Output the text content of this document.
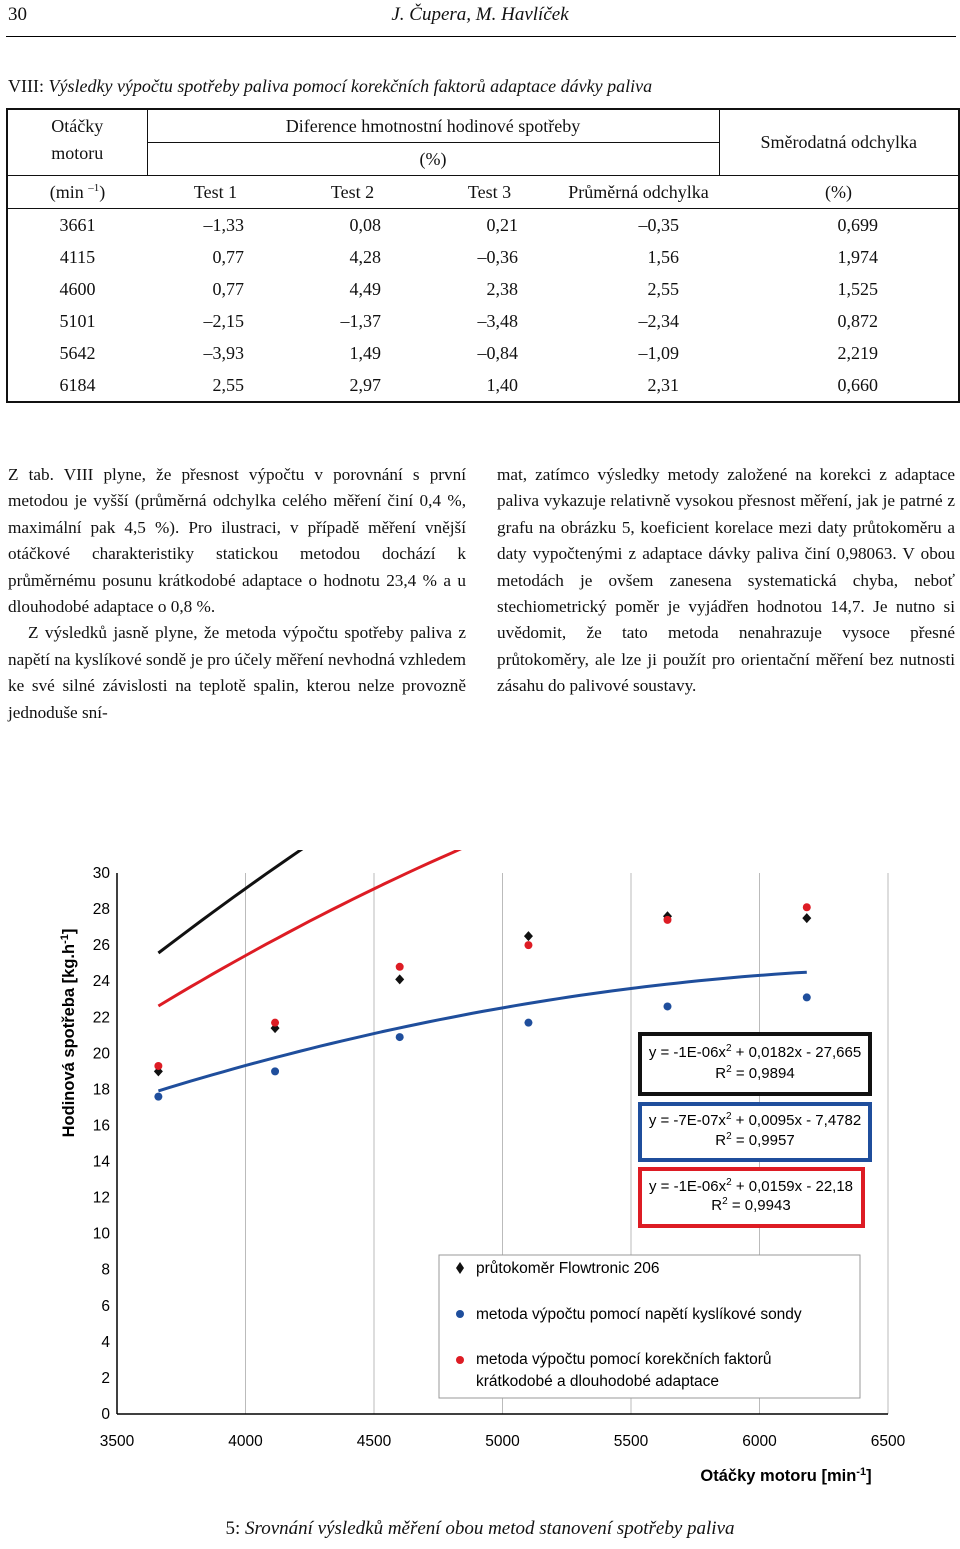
30	J. Čupera, M. Havlíček
VIII: Výsledky výpočtu spotřeby paliva pomocí korekčních faktorů adaptace dávky paliva
Otáčky	Diference hmotnostní hodinové spotřeby				Směrodatná odchylka
motoru	(%)				
(min $^{-1}$)	Test 1	Test 2	Test 3	Průměrná odchylka	(%)
3661	–1,33	0,08	0,21	–0,35	0,699
4115	0,77	4,28	–0,36	1,56	1,974
4600	0,77	4,49	2,38	2,55	1,525
5101	–2,15	–1,37	–3,48	–2,34	0,872
5642	–3,93	1,49	–0,84	–1,09	2,219
6184	2,55	2,97	1,40	2,31	0,660

Z tab. VIII plyne, že přesnost výpočtu v porovnání s první metodou je vyšší (průměrná odchylka celého měření činí 0,4 %, maximální pak 4,5 %). Pro ilustraci, v případě měření vnější otáčkové charakteristiky statickou metodou dochází k průměrnému posunu krátkodobé adaptace o hodnotu 23,4 % a u dlouhodobé adaptace o 0,8 %.

Z výsledků jasně plyne, že metoda výpočtu spotřeby paliva z napětí na kyslíkové sondě je pro účely měření nevhodná vzhledem ke své silné závislosti na teplotě spalin, kterou nelze provozně jednoduše sní-

mat, zatímco výsledky metody založené na korekci z adaptace paliva vykazuje relativně vysokou přesnost měření, jak je patrné z grafu na obrázku 5, koeficient korelace mezi daty průtokoměru a daty vypočtenými z adaptace dávky paliva činí 0,98063. V obou metodách je ovšem zanesena systematická chyba, neboť stechiometrický poměr je vyjádřen hodnotou 14,7. Je nutno si uvědomit, že tato metoda nenahrazuje vysoce přesné průtokoměry, ale lze ji použít pro orientační měření bez nutnosti zásahu do palivové soustavy.

0
2
4
6
8
10
12
14
16
18
20
22
24
26
28
30
3500	4000	4500	5000	5500	6000	6500
Hodinová spotřeba $[kg.h^{-1}]$
Otáčky motoru $[\min^{-1}]$
$y = -1E-06x^2 + 0,0182x - 27,665$
$R^2 = 0,9894$
$y = -7E-07x^2 + 0,0095x - 7,4782$
$R^2 = 0,9957$
$y = -1E-06x^2 + 0,0159x - 22,18$
$R^2 = 0,9943$
průtokoměr Flowtronic 206
metoda výpočtu pomocí napětí kyslíkové sondy
metoda výpočtu pomocí korekčních faktorů
krátkodobé a dlouhodobé adaptace
5: Srovnání výsledků měření obou metod stanovení spotřeby paliva
